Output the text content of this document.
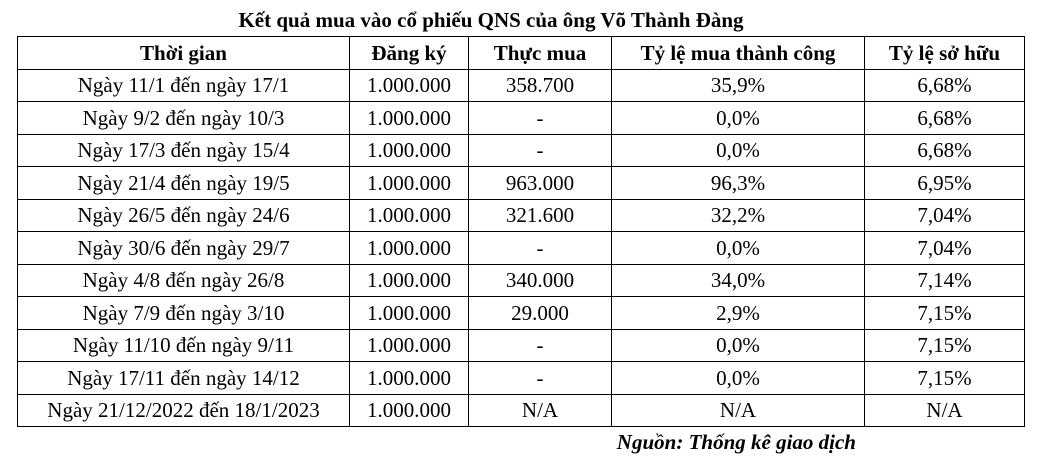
Kết quả mua vào cổ phiếu QNS của ông Võ Thành Đàng
Thời gian	Đăng ký	Thực mua	Tỷ lệ mua thành công	Tỷ lệ sở hữu
Ngày 11/1 đến ngày 17/1	1.000.000	358.700	35,9%	6,68%
Ngày 9/2 đến ngày 10/3	1.000.000	-	0,0%	6,68%
Ngày 17/3 đến ngày 15/4	1.000.000	-	0,0%	6,68%
Ngày 21/4 đến ngày 19/5	1.000.000	963.000	96,3%	6,95%
Ngày 26/5 đến ngày 24/6	1.000.000	321.600	32,2%	7,04%
Ngày 30/6 đến ngày 29/7	1.000.000	-	0,0%	7,04%
Ngày 4/8 đến ngày 26/8	1.000.000	340.000	34,0%	7,14%
Ngày 7/9 đến ngày 3/10	1.000.000	29.000	2,9%	7,15%
Ngày 11/10 đến ngày 9/11	1.000.000	-	0,0%	7,15%
Ngày 17/11 đến ngày 14/12	1.000.000	-	0,0%	7,15%
Ngày 21/12/2022 đến 18/1/2023	1.000.000	N/A	N/A	N/A
Nguồn: Thống kê giao dịch
